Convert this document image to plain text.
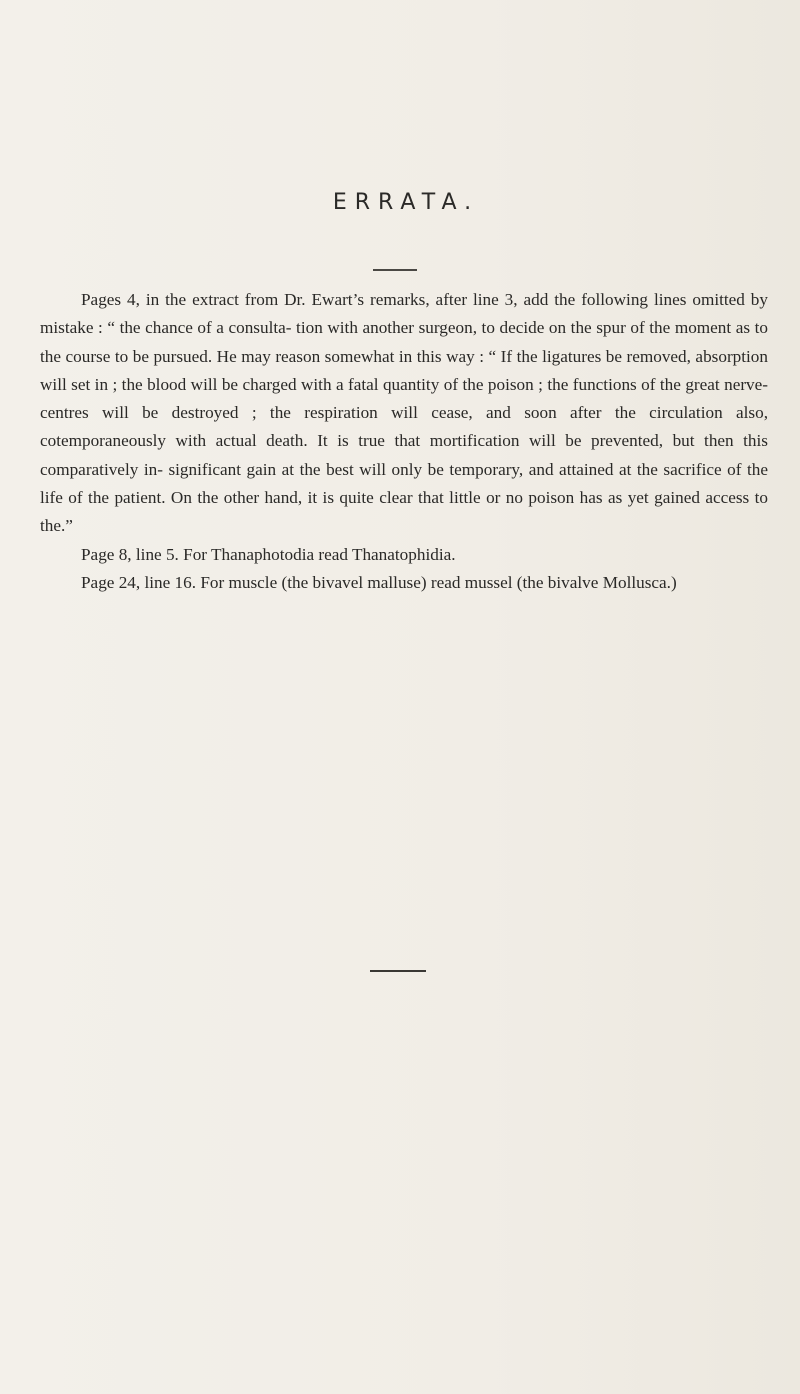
ERRATA.

Pages 4, in the extract from Dr. Ewart’s remarks, after line 3, add the following lines omitted by mistake : “ the chance of a consulta- tion with another surgeon, to decide on the spur of the moment as to the course to be pursued. He may reason somewhat in this way : “ If the ligatures be removed, absorption will set in ; the blood will be charged with a fatal quantity of the poison ; the functions of the great nerve- centres will be destroyed ; the respiration will cease, and soon after the circulation also, cotemporaneously with actual death. It is true that mortification will be prevented, but then this comparatively in- significant gain at the best will only be temporary, and attained at the sacrifice of the life of the patient. On the other hand, it is quite clear that little or no poison has as yet gained access to the.”

Page 8, line 5. For Thanaphotodia read Thanatophidia.

Page 24, line 16. For muscle (the bivavel malluse) read mussel (the bivalve Mollusca.)
